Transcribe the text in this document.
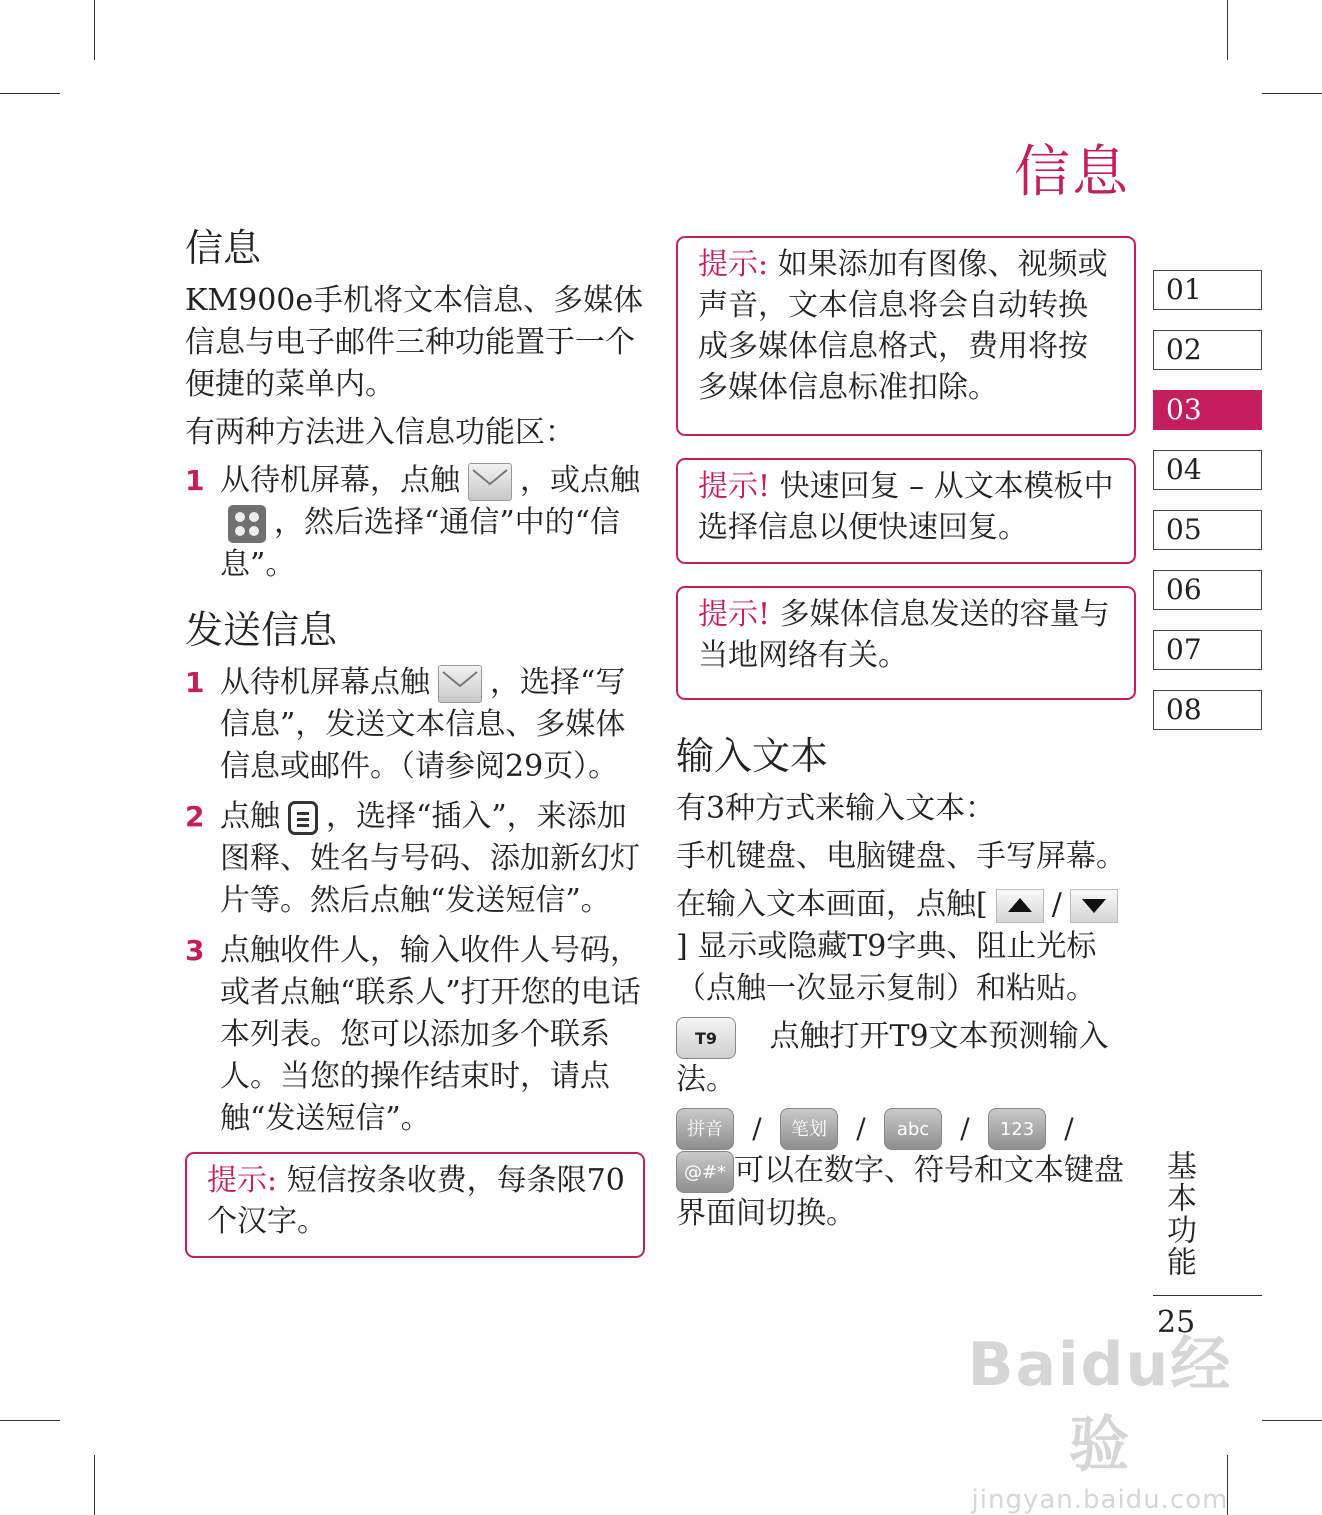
信息
信息

KM900e手机将文本信息、多媒体信息与电子邮件三种功能置于一个便捷的菜单内。

有两种方法进入信息功能区：

1 从待机屏幕，点触 ，或点触
，然后选择“通信”中的“信息”。
发送信息
1 从待机屏幕点触 ，选择“写信息”，发送文本信息、多媒体信息或邮件。（请参阅29页）。
2 点触 ，选择“插入”，来添加图释、姓名与号码、添加新幻灯片等。然后点触“发送短信”。
3 点触收件人，输入收件人号码，或者点触“联系人”打开您的电话本列表。您可以添加多个联系人。当您的操作结束时，请点触“发送短信”。
提示: 短信按条收费，每条限70个汉字。
提示: 如果添加有图像、视频或声音，文本信息将会自动转换成多媒体信息格式，费用将按多媒体信息标准扣除。
提示! 快速回复 – 从文本模板中选择信息以便快速回复。
提示! 多媒体信息发送的容量与当地网络有关。
输入文本

有3种方式来输入文本：

手机键盘、电脑键盘、手写屏幕。

在输入文本画面，点触[ /] 显示或隐藏T9字典、阻止光标（点触一次显示复制）和粘贴。

T9 点触打开T9文本预测输入法。

拼音 / 笔划 / abc / 123 /
@#* 可以在数字、符号和文本键盘界面间切换。

01
02
03
04
05
06
07
08
基本功能
25
Baidu经验
jingyan.baidu.com
